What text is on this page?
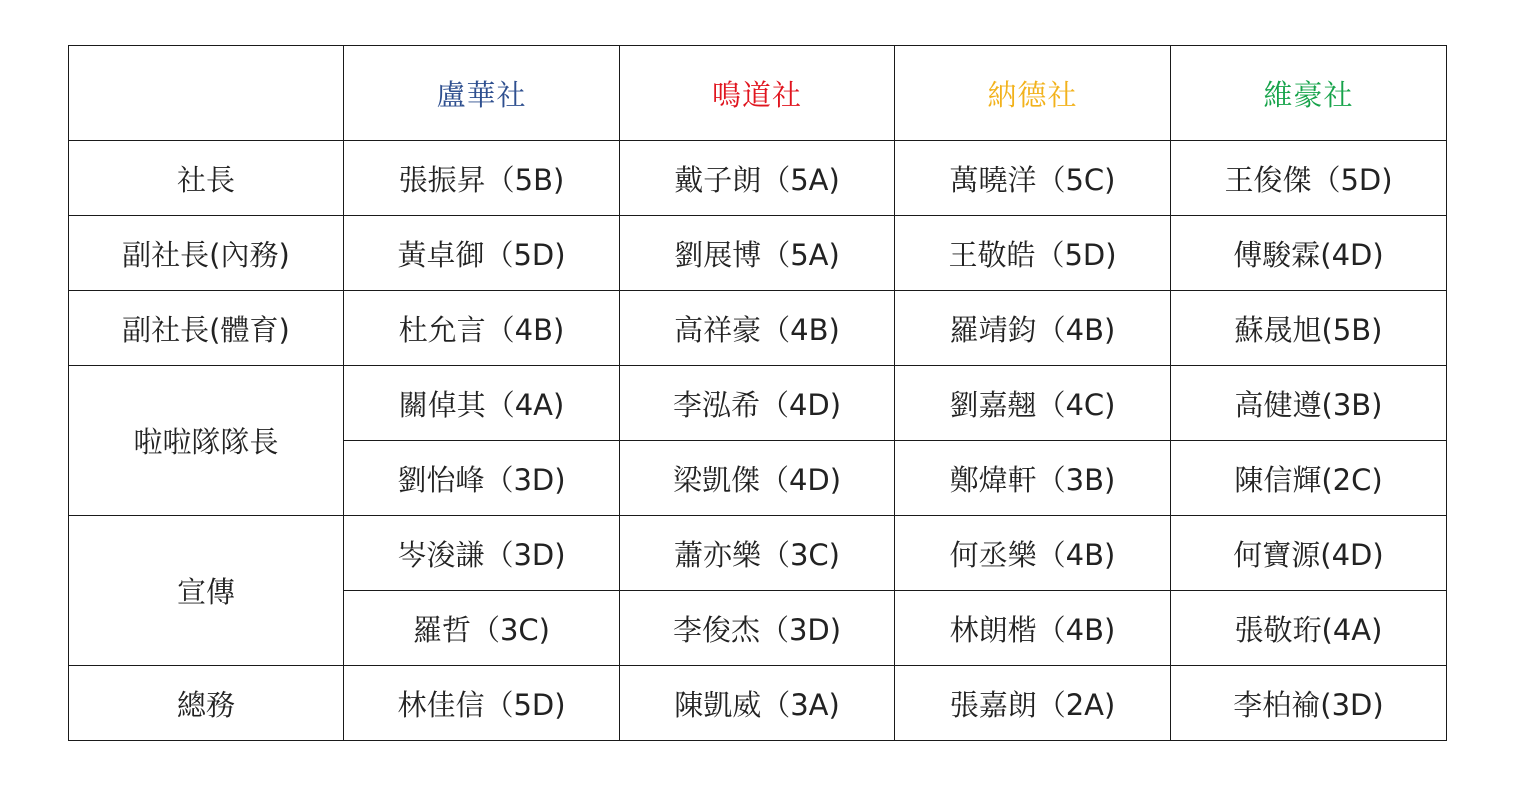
	盧華社	鳴道社	納德社	維豪社
社長	張振昇（5B)	戴子朗（5A)	萬曉洋（5C)	王俊傑（5D)
副社長(內務)	黃卓御（5D)	劉展博（5A)	王敬皓（5D)	傅駿霖(4D)
副社長(體育)	杜允言（4B)	高祥豪（4B)	羅靖鈞（4B)	蘇晟旭(5B)
啦啦隊隊長	關倬其（4A)	李泓希（4D)	劉嘉翹（4C)	高健遵(3B)
	劉怡峰（3D)	梁凱傑（4D)	鄭煒軒（3B)	陳信輝(2C)
宣傳	岑浚謙（3D)	蕭亦樂（3C)	何丞樂（4B)	何寶源(4D)
	羅哲（3C)	李俊杰（3D)	林朗楷（4B)	張敬珩(4A)
總務	林佳信（5D)	陳凱威（3A)	張嘉朗（2A)	李柏褕(3D)
